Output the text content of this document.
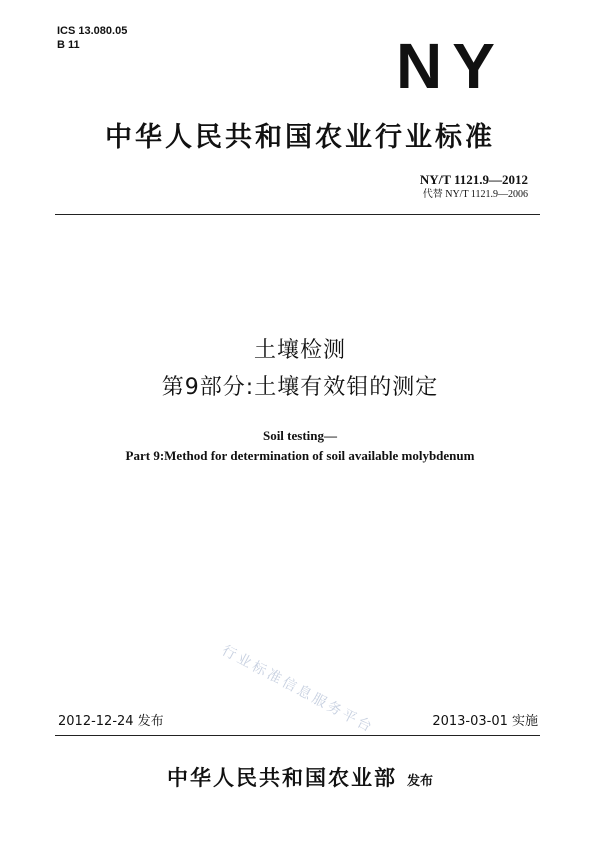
ICS 13.080.05
B 11	NY
中华人民共和国农业行业标准
NY/T 1121.9—2012
代替 NY/T 1121.9—2006
土壤检测
第9部分:土壤有效钼的测定
Soil testing—
Part 9:Method for determination of soil available molybdenum
行业标准信息服务平台
2012-12-24 发布	2013-03-01 实施
中华人民共和国农业部 发布
